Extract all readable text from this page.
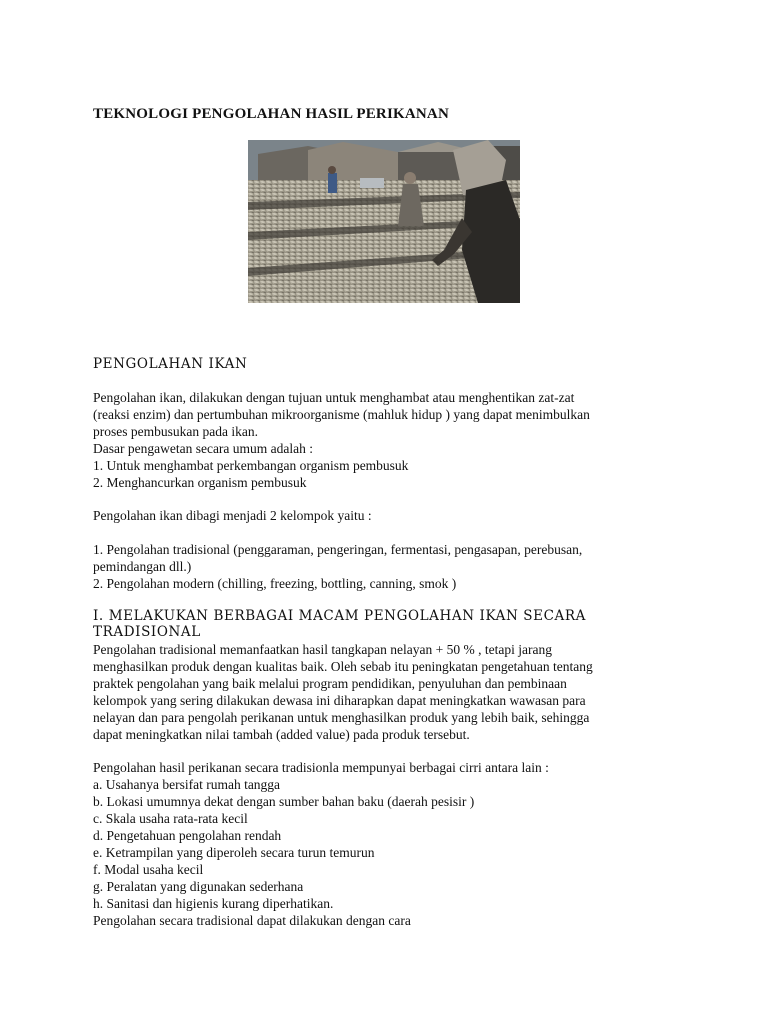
TEKNOLOGI PENGOLAHAN HASIL PERIKANAN
PENGOLAHAN IKAN

Pengolahan ikan, dilakukan dengan tujuan untuk menghambat atau menghentikan zat-zat

(reaksi enzim) dan pertumbuhan mikroorganisme (mahluk hidup ) yang dapat menimbulkan

proses pembusukan pada ikan.

Dasar pengawetan secara umum adalah :

1. Untuk menghambat perkembangan organism pembusuk

2. Menghancurkan organism pembusuk

Pengolahan ikan dibagi menjadi 2 kelompok yaitu :

1. Pengolahan tradisional (penggaraman, pengeringan, fermentasi, pengasapan, perebusan,

pemindangan dll.)

2. Pengolahan modern (chilling, freezing, bottling, canning, smok )

I. MELAKUKAN BERBAGAI MACAM PENGOLAHAN IKAN SECARA
TRADISIONAL

Pengolahan tradisional memanfaatkan hasil tangkapan nelayan + 50 % , tetapi jarang

menghasilkan produk dengan kualitas baik. Oleh sebab itu peningkatan pengetahuan tentang

praktek pengolahan yang baik melalui program pendidikan, penyuluhan dan pembinaan

kelompok yang sering dilakukan dewasa ini diharapkan dapat meningkatkan wawasan para

nelayan dan para pengolah perikanan untuk menghasilkan produk yang lebih baik, sehingga

dapat meningkatkan nilai tambah (added value) pada produk tersebut.

Pengolahan hasil perikanan secara tradisionla mempunyai berbagai cirri antara lain :

a. Usahanya bersifat rumah tangga

b. Lokasi umumnya dekat dengan sumber bahan baku (daerah pesisir )

c. Skala usaha rata-rata kecil

d. Pengetahuan pengolahan rendah

e. Ketrampilan yang diperoleh secara turun temurun

f. Modal usaha kecil

g. Peralatan yang digunakan sederhana

h. Sanitasi dan higienis kurang diperhatikan.

Pengolahan secara tradisional dapat dilakukan dengan cara
